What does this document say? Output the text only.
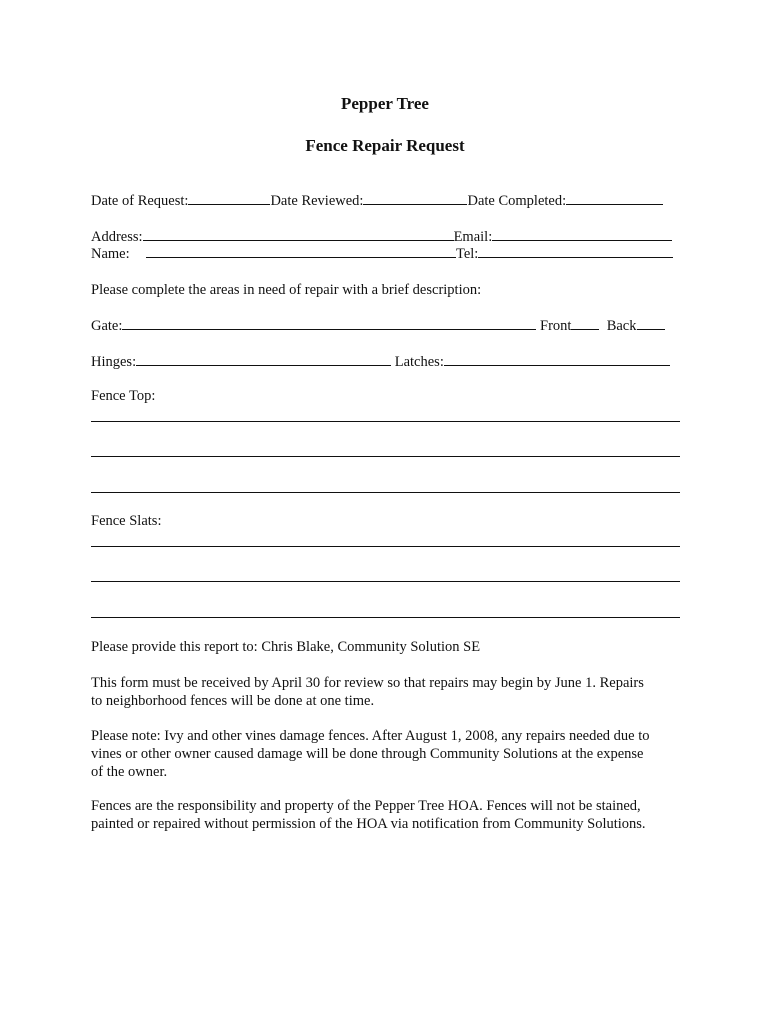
Pepper Tree
Fence Repair Request
Date of Request:	Date Reviewed:	Date Completed:
Address:	Email:
Name:	Tel:
Please complete the areas in need of repair with a brief description:
Gate:	Front Back
Hinges:	Latches:
Fence Top:
Fence Slats:
Please provide this report to: Chris Blake, Community Solution SE
This form must be received by April 30 for review so that repairs may begin by June 1. Repairs
to neighborhood fences will be done at one time.
Please note: Ivy and other vines damage fences. After August 1, 2008, any repairs needed due to
vines or other owner caused damage will be done through Community Solutions at the expense
of the owner.
Fences are the responsibility and property of the Pepper Tree HOA. Fences will not be stained,
painted or repaired without permission of the HOA via notification from Community Solutions.
